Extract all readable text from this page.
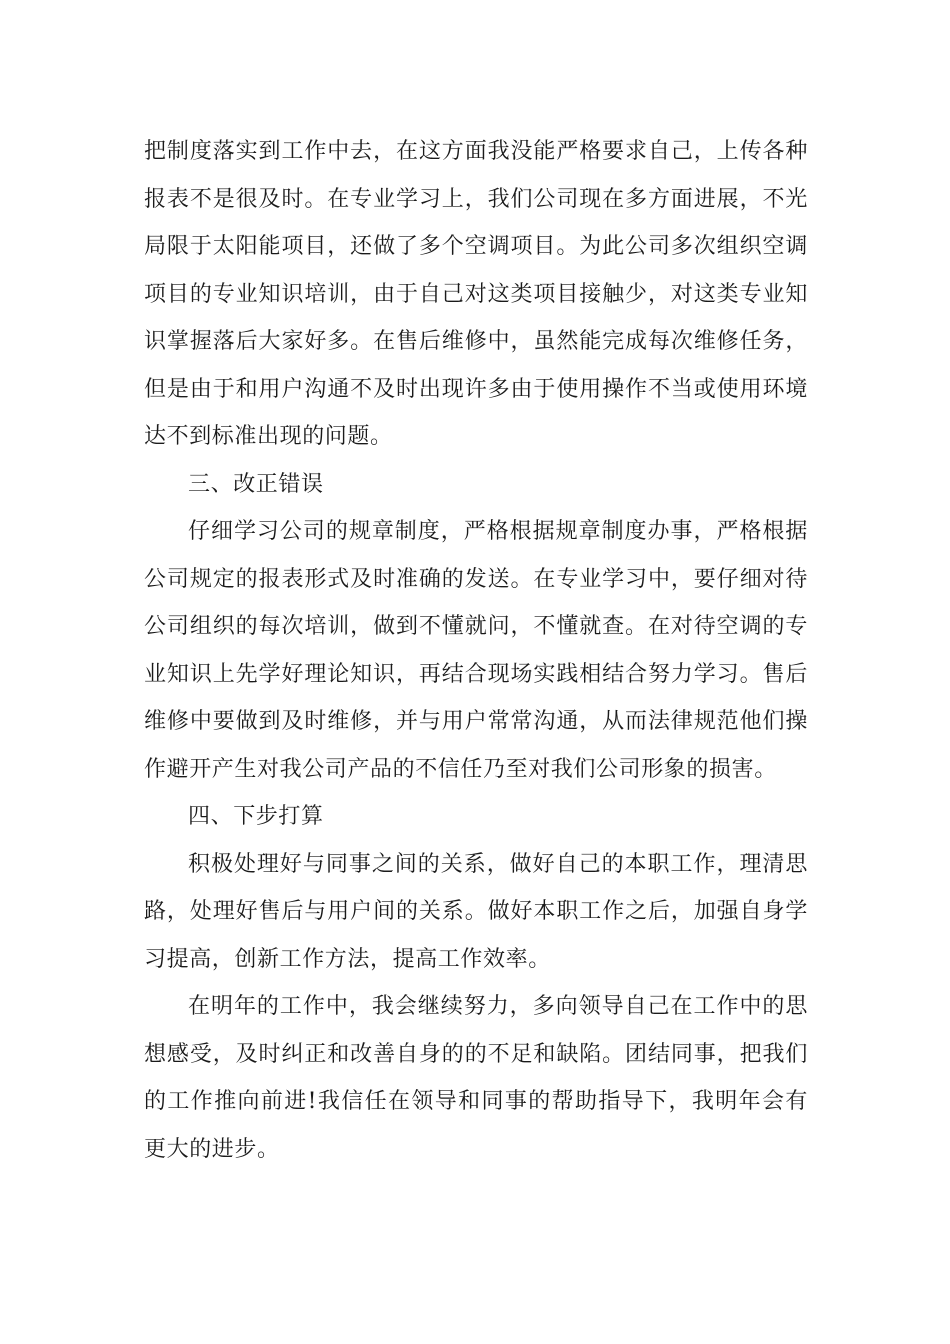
把制度落实到工作中去，在这方面我没能严格要求自己，上传各种报表不是很及时。在专业学习上，我们公司现在多方面进展，不光局限于太阳能项目，还做了多个空调项目。为此公司多次组织空调项目的专业知识培训，由于自己对这类项目接触少，对这类专业知识掌握落后大家好多。在售后维修中，虽然能完成每次维修任务，但是由于和用户沟通不及时出现许多由于使用操作不当或使用环境达不到标准出现的问题。

三、改正错误

仔细学习公司的规章制度，严格根据规章制度办事，严格根据公司规定的报表形式及时准确的发送。在专业学习中，要仔细对待公司组织的每次培训，做到不懂就问，不懂就查。在对待空调的专业知识上先学好理论知识，再结合现场实践相结合努力学习。售后维修中要做到及时维修，并与用户常常沟通，从而法律规范他们操作避开产生对我公司产品的不信任乃至对我们公司形象的损害。

四、下步打算

积极处理好与同事之间的关系，做好自己的本职工作，理清思路，处理好售后与用户间的关系。做好本职工作之后，加强自身学习提高，创新工作方法，提高工作效率。

在明年的工作中，我会继续努力，多向领导自己在工作中的思想感受，及时纠正和改善自身的的不足和缺陷。团结同事，把我们的工作推向前进!我信任在领导和同事的帮助指导下，我明年会有更大的进步。
